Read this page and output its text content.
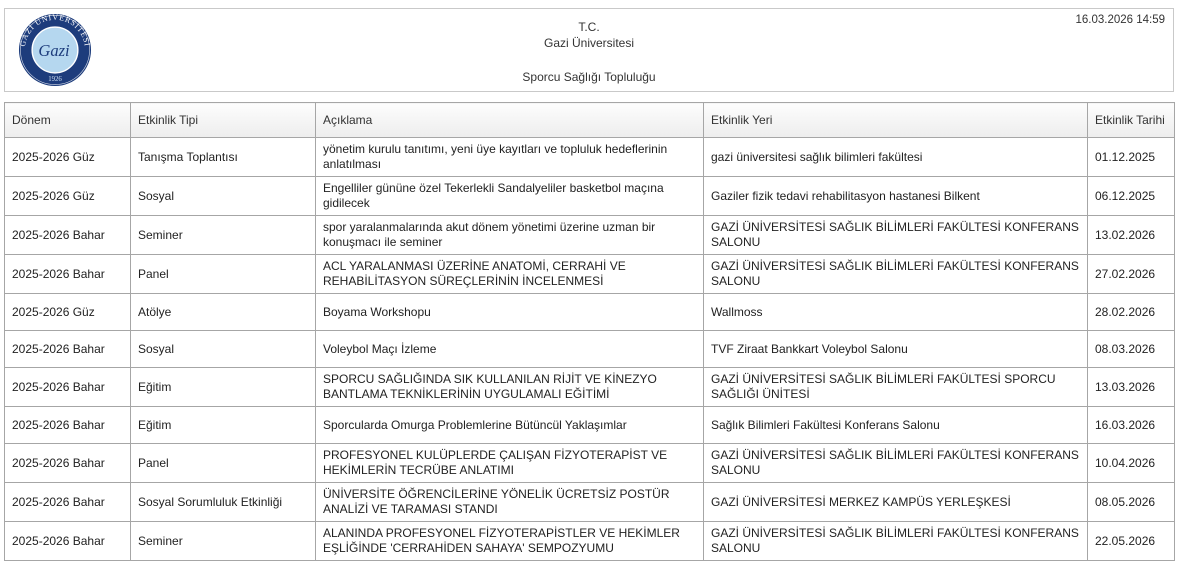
GAZİ ÜNİVERSİTESİ
1926
Gazi
T.C.
Gazi Üniversitesi
Sporcu Sağlığı Topluluğu
16.03.2026 14:59
Dönem	Etkinlik Tipi	Açıklama	Etkinlik Yeri	Etkinlik Tarihi
2025-2026 Güz	Tanışma Toplantısı	yönetim kurulu tanıtımı, yeni üye kayıtları ve topluluk hedeflerinin anlatılması	gazi üniversitesi sağlık bilimleri fakültesi	01.12.2025
2025-2026 Güz	Sosyal	Engelliler gününe özel Tekerlekli Sandalyeliler basketbol maçına gidilecek	Gaziler fizik tedavi rehabilitasyon hastanesi Bilkent	06.12.2025
2025-2026 Bahar	Seminer	spor yaralanmalarında akut dönem yönetimi üzerine uzman bir konuşmacı ile seminer	GAZİ ÜNİVERSİTESİ SAĞLIK BİLİMLERİ FAKÜLTESİ KONFERANS SALONU	13.02.2026
2025-2026 Bahar	Panel	ACL YARALANMASI ÜZERİNE ANATOMİ, CERRAHİ VE REHABİLİTASYON SÜREÇLERİNİN İNCELENMESİ	GAZİ ÜNİVERSİTESİ SAĞLIK BİLİMLERİ FAKÜLTESİ KONFERANS SALONU	27.02.2026
2025-2026 Güz	Atölye	Boyama Workshopu	Wallmoss	28.02.2026
2025-2026 Bahar	Sosyal	Voleybol Maçı İzleme	TVF Ziraat Bankkart Voleybol Salonu	08.03.2026
2025-2026 Bahar	Eğitim	SPORCU SAĞLIĞINDA SIK KULLANILAN RİJİT VE KİNEZYO BANTLAMA TEKNİKLERİNİN UYGULAMALI EĞİTİMİ	GAZİ ÜNİVERSİTESİ SAĞLIK BİLİMLERİ FAKÜLTESİ SPORCU SAĞLIĞI ÜNİTESİ	13.03.2026
2025-2026 Bahar	Eğitim	Sporcularda Omurga Problemlerine Bütüncül Yaklaşımlar	Sağlık Bilimleri Fakültesi Konferans Salonu	16.03.2026
2025-2026 Bahar	Panel	PROFESYONEL KULÜPLERDE ÇALIŞAN FİZYOTERAPİST VE HEKİMLERİN TECRÜBE ANLATIMI	GAZİ ÜNİVERSİTESİ SAĞLIK BİLİMLERİ FAKÜLTESİ KONFERANS SALONU	10.04.2026
2025-2026 Bahar	Sosyal Sorumluluk Etkinliği	ÜNİVERSİTE ÖĞRENCİLERİNE YÖNELİK ÜCRETSİZ POSTÜR ANALİZİ VE TARAMASI STANDI	GAZİ ÜNİVERSİTESİ MERKEZ KAMPÜS YERLEŞKESİ	08.05.2026
2025-2026 Bahar	Seminer	ALANINDA PROFESYONEL FİZYOTERAPİSTLER VE HEKİMLER EŞLİĞİNDE 'CERRAHİDEN SAHAYA' SEMPOZYUMU	GAZİ ÜNİVERSİTESİ SAĞLIK BİLİMLERİ FAKÜLTESİ KONFERANS SALONU	22.05.2026
